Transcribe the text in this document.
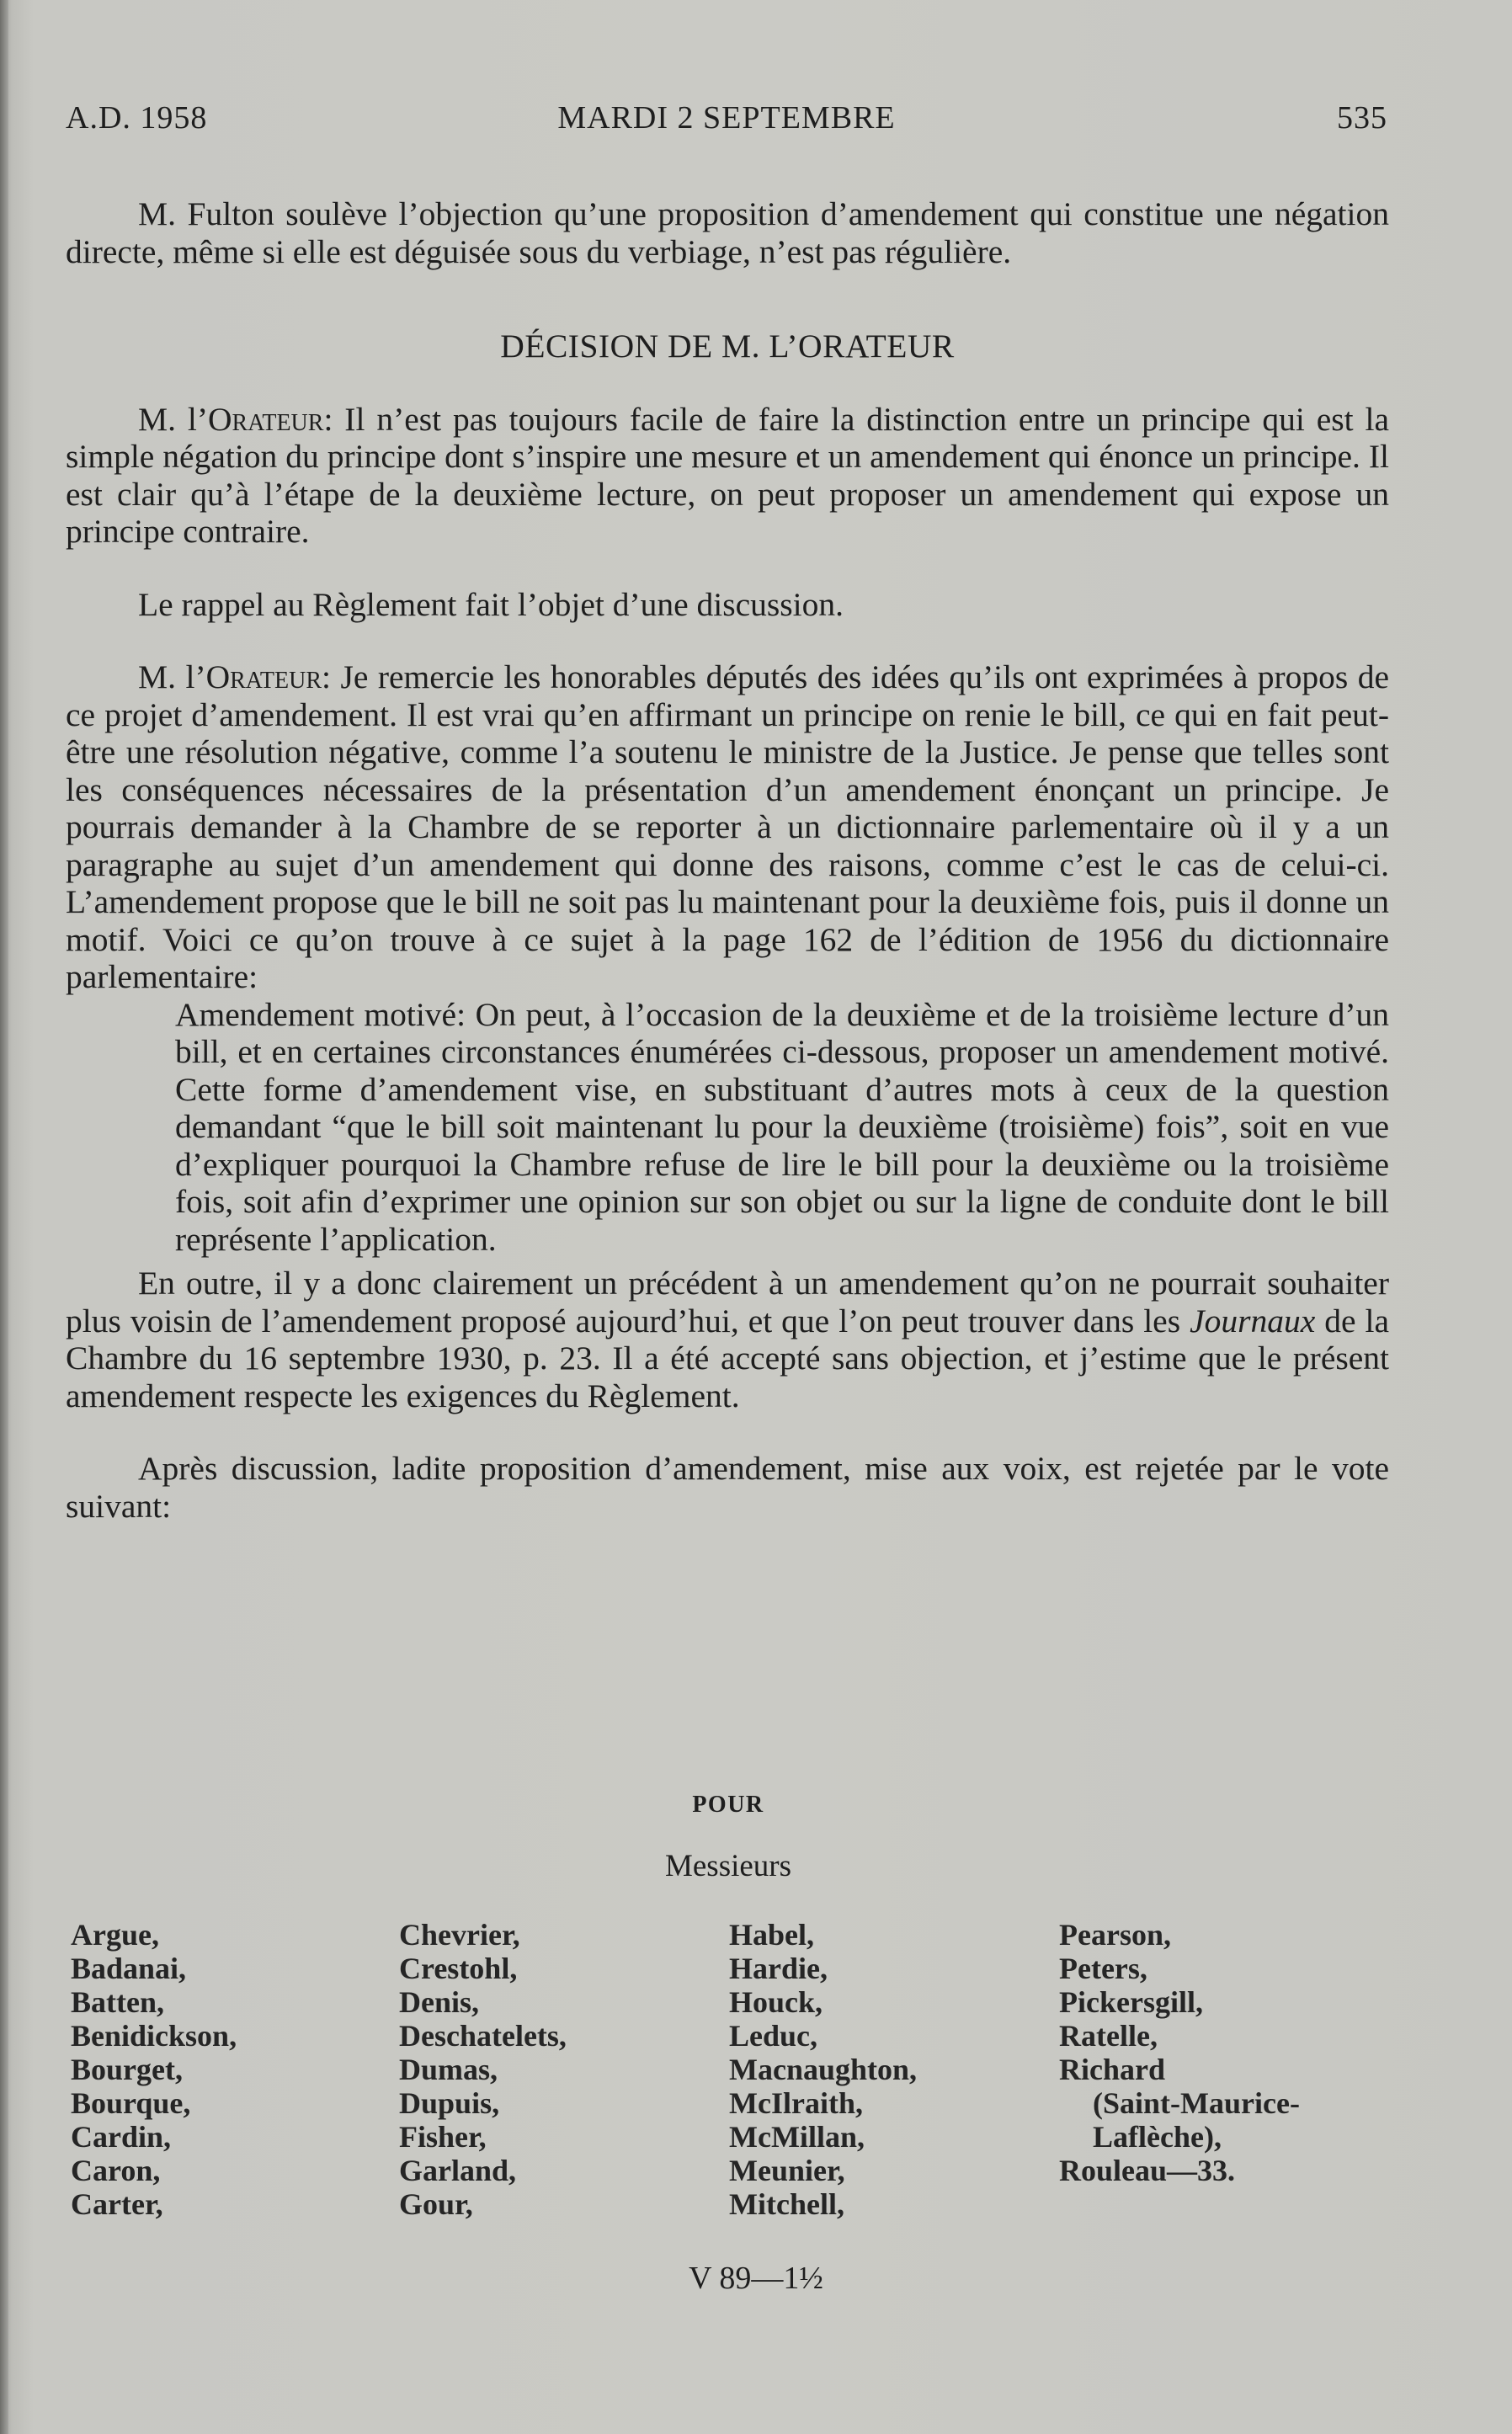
A.D. 1958	MARDI 2 SEPTEMBRE	535

M. Fulton soulève l’objection qu’une proposition d’amendement qui constitue une négation directe, même si elle est déguisée sous du verbiage, n’est pas régulière.

DÉCISION DE M. L’ORATEUR

M. l’Orateur: Il n’est pas toujours facile de faire la distinction entre un principe qui est la simple négation du principe dont s’inspire une mesure et un amendement qui énonce un principe. Il est clair qu’à l’étape de la deuxième lecture, on peut proposer un amendement qui expose un principe contraire.

Le rappel au Règlement fait l’objet d’une discussion.

M. l’Orateur: Je remercie les honorables députés des idées qu’ils ont exprimées à propos de ce projet d’amendement. Il est vrai qu’en affirmant un principe on renie le bill, ce qui en fait peut-être une résolution négative, comme l’a soutenu le ministre de la Justice. Je pense que telles sont les conséquences nécessaires de la présentation d’un amendement énonçant un principe. Je pourrais demander à la Chambre de se reporter à un dictionnaire parlementaire où il y a un paragraphe au sujet d’un amendement qui donne des raisons, comme c’est le cas de celui-ci. L’amendement propose que le bill ne soit pas lu maintenant pour la deuxième fois, puis il donne un motif. Voici ce qu’on trouve à ce sujet à la page 162 de l’édition de 1956 du dictionnaire parlementaire:

Amendement motivé: On peut, à l’occasion de la deuxième et de la troisième lecture d’un bill, et en certaines circonstances énumérées ci-dessous, proposer un amendement motivé. Cette forme d’amendement vise, en substituant d’autres mots à ceux de la question demandant “que le bill soit maintenant lu pour la deuxième (troisième) fois”, soit en vue d’expliquer pourquoi la Chambre refuse de lire le bill pour la deuxième ou la troisième fois, soit afin d’exprimer une opinion sur son objet ou sur la ligne de conduite dont le bill représente l’application.

En outre, il y a donc clairement un précédent à un amendement qu’on ne pourrait souhaiter plus voisin de l’amendement proposé aujourd’hui, et que l’on peut trouver dans les Journaux de la Chambre du 16 septembre 1930, p. 23. Il a été accepté sans objection, et j’estime que le présent amendement respecte les exigences du Règlement.

Après discussion, ladite proposition d’amendement, mise aux voix, est rejetée par le vote suivant:

POUR
Messieurs
Argue,
Badanai,
Batten,
Benidickson,
Bourget,
Bourque,
Cardin,
Caron,
Carter,
Chevrier,
Crestohl,
Denis,
Deschatelets,
Dumas,
Dupuis,
Fisher,
Garland,
Gour,
Habel,
Hardie,
Houck,
Leduc,
Macnaughton,
McIlraith,
McMillan,
Meunier,
Mitchell,
Pearson,
Peters,
Pickersgill,
Ratelle,
Richard
(Saint-Maurice-
Laflèche),
Rouleau—33.
V 89—1½
